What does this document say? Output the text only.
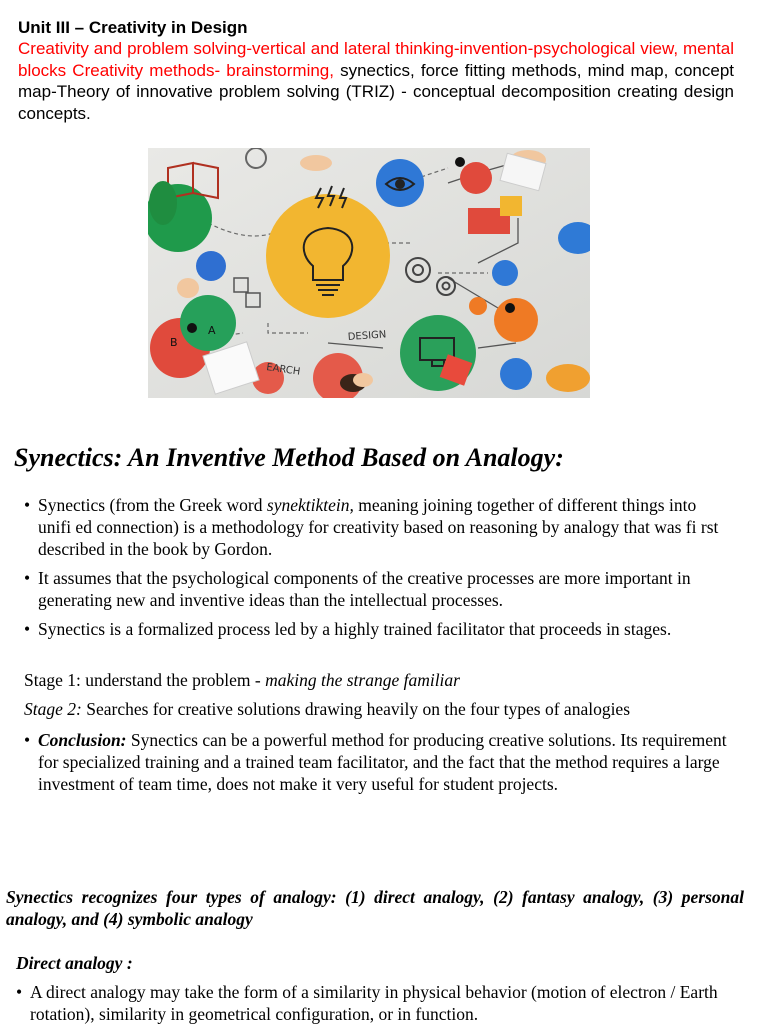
Unit III – Creativity in Design
Creativity and problem solving-vertical and lateral thinking-invention-psychological view, mental blocks Creativity methods- brainstorming, synectics, force fitting methods, mind map, concept map-Theory of innovative problem solving (TRIZ) - conceptual decomposition creating design concepts.
DESIGN
EARCH
A
B
Synectics: An Inventive Method Based on Analogy:
• Synectics (from the Greek word synektiktein, meaning joining together of different things into unifi ed connection) is a methodology for creativity based on reasoning by analogy that was fi rst described in the book by Gordon.
• It assumes that the psychological components of the creative processes are more important in generating new and inventive ideas than the intellectual processes.
• Synectics is a formalized process led by a highly trained facilitator that proceeds in stages.
Stage 1: understand the problem - making the strange familiar
Stage 2: Searches for creative solutions drawing heavily on the four types of analogies
• Conclusion: Synectics can be a powerful method for producing creative solutions. Its requirement for specialized training and a trained team facilitator, and the fact that the method requires a large investment of team time, does not make it very useful for student projects.
Synectics recognizes four types of analogy: (1) direct analogy, (2) fantasy analogy, (3) personal analogy, and (4) symbolic analogy
Direct analogy :
• A direct analogy may take the form of a similarity in physical behavior (motion of electron / Earth rotation), similarity in geometrical configuration, or in function.
